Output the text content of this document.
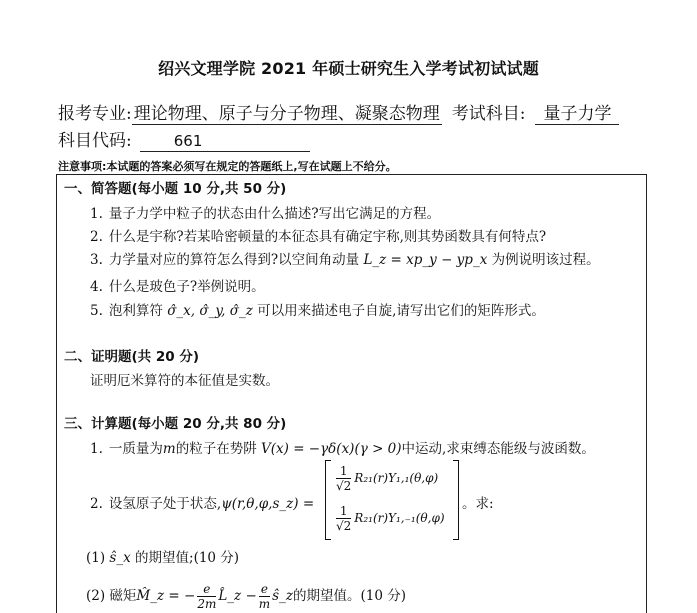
绍兴文理学院 2021 年硕士研究生入学考试初试试题
报考专业: 理论物理、原子与分子物理、凝聚态物理 考试科目: 量子力学
科目代码:	661
注意事项:本试题的答案必须写在规定的答题纸上,写在试题上不给分。
一、简答题(每小题 10 分,共 50 分)
1. 量子力学中粒子的状态由什么描述?写出它满足的方程。
2. 什么是宇称?若某哈密顿量的本征态具有确定宇称,则其势函数具有何特点?
3. 力学量对应的算符怎么得到?以空间角动量 L_z = xp_y − yp_x 为例说明该过程。
4. 什么是玻色子?举例说明。
5. 泡利算符 σ̂_x, σ̂_y, σ̂_z 可以用来描述电子自旋,请写出它们的矩阵形式。
二、证明题(共 20 分)
证明厄米算符的本征值是实数。
三、计算题(每小题 20 分,共 80 分)
1. 一质量为m的粒子在势阱 V(x) = −γδ(x)(γ > 0)中运动,求束缚态能级与波函数。
2. 设氢原子处于状态,ψ(r,θ,φ,s_z) =
$\frac{1}{√2} R_{21}(r)Y_1,_1(\theta,\varphi)$
$\frac{1}{√2} R_{21}(r)Y_1,_{-1}(\theta,\varphi)$
。求:
(1) ŝ_x 的期望值;(10 分)
(2) 磁矩M̂_z = − $\frac{e}{2m}$ L̂_z − $\frac{e}{m}$ ŝ_z的期望值。(10 分)
